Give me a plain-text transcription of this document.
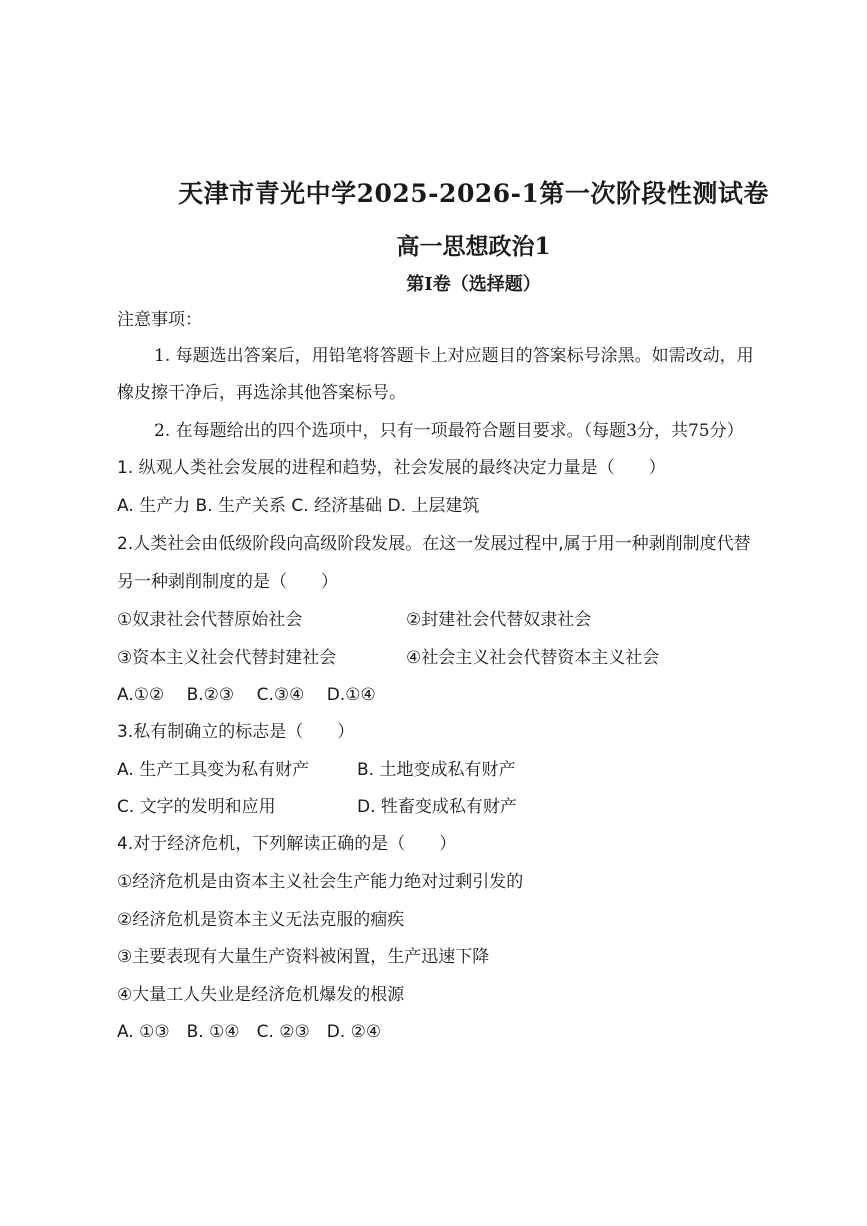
天津市青光中学2025-2026-1第一次阶段性测试卷
高一思想政治1
第Ⅰ卷（选择题）
注意事项：
1. 每题选出答案后，用铅笔将答题卡上对应题目的答案标号涂黑。如需改动，用
橡皮擦干净后，再选涂其他答案标号。
2. 在每题给出的四个选项中，只有一项最符合题目要求。（每题3分，共75分）
1. 纵观人类社会发展的进程和趋势，社会发展的最终决定力量是（　　）
A. 生产力 B. 生产关系 C. 经济基础 D. 上层建筑
2.人类社会由低级阶段向高级阶段发展。在这一发展过程中,属于用一种剥削制度代替
另一种剥削制度的是（　　）
①奴隶社会代替原始社会	②封建社会代替奴隶社会
③资本主义社会代替封建社会	④社会主义社会代替资本主义社会
A.①②　 B.②③　 C.③④　 D.①④
3.私有制确立的标志是（　　）
A. 生产工具变为私有财产	B. 土地变成私有财产
C. 文字的发明和应用	D. 牲畜变成私有财产
4.对于经济危机，下列解读正确的是（　　）
①经济危机是由资本主义社会生产能力绝对过剩引发的
②经济危机是资本主义无法克服的痼疾
③主要表现有大量生产资料被闲置，生产迅速下降
④大量工人失业是经济危机爆发的根源
A. ①③　B. ①④　C. ②③　D. ②④
